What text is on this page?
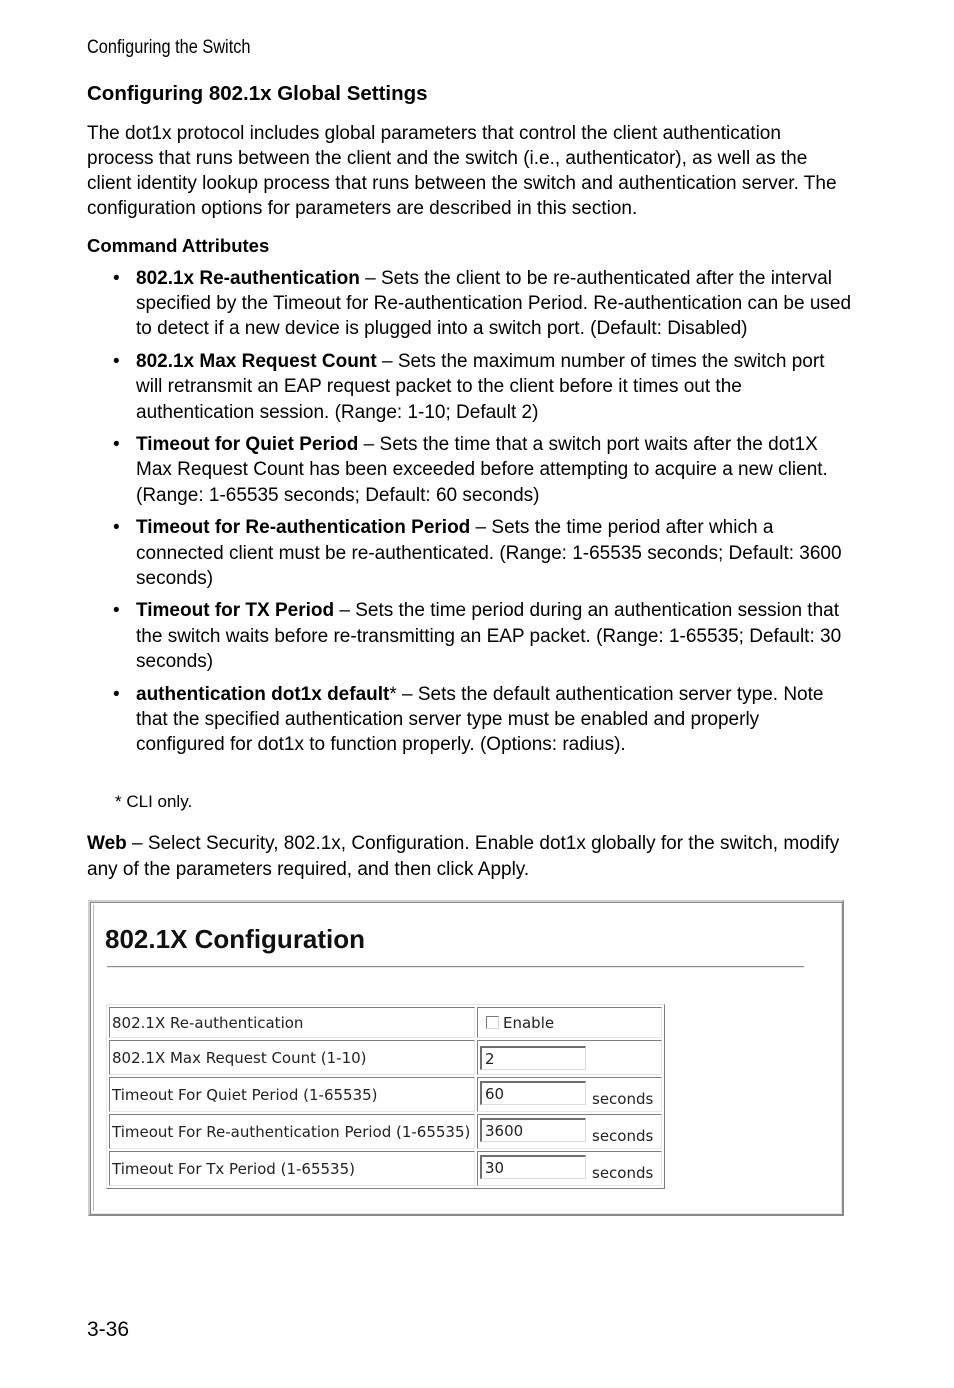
Configuring the Switch
Configuring 802.1x Global Settings
The dot1x protocol includes global parameters that control the client authentication process that runs between the client and the switch (i.e., authenticator), as well as the client identity lookup process that runs between the switch and authentication server. The configuration options for parameters are described in this section.
Command Attributes
• 802.1x Re-authentication – Sets the client to be re-authenticated after the interval specified by the Timeout for Re-authentication Period. Re-authentication can be used to detect if a new device is plugged into a switch port. (Default: Disabled)
• 802.1x Max Request Count – Sets the maximum number of times the switch port will retransmit an EAP request packet to the client before it times out the authentication session. (Range: 1-10; Default 2)
• Timeout for Quiet Period – Sets the time that a switch port waits after the dot1X Max Request Count has been exceeded before attempting to acquire a new client. (Range: 1-65535 seconds; Default: 60 seconds)
• Timeout for Re-authentication Period – Sets the time period after which a connected client must be re-authenticated. (Range: 1-65535 seconds; Default: 3600 seconds)
• Timeout for TX Period – Sets the time period during an authentication session that the switch waits before re-transmitting an EAP packet. (Range: 1-65535; Default: 30 seconds)
• authentication dot1x default* – Sets the default authentication server type. Note that the specified authentication server type must be enabled and properly configured for dot1x to function properly. (Options: radius).
* CLI only.
Web – Select Security, 802.1x, Configuration. Enable dot1x globally for the switch, modify any of the parameters required, and then click Apply.
802.1X Configuration
802.1X Re-authentication	Enable
802.1X Max Request Count (1-10)	2
Timeout For Quiet Period (1-65535)	60 seconds
Timeout For Re-authentication Period (1-65535)	3600 seconds
Timeout For Tx Period (1-65535)	30 seconds
3-36
